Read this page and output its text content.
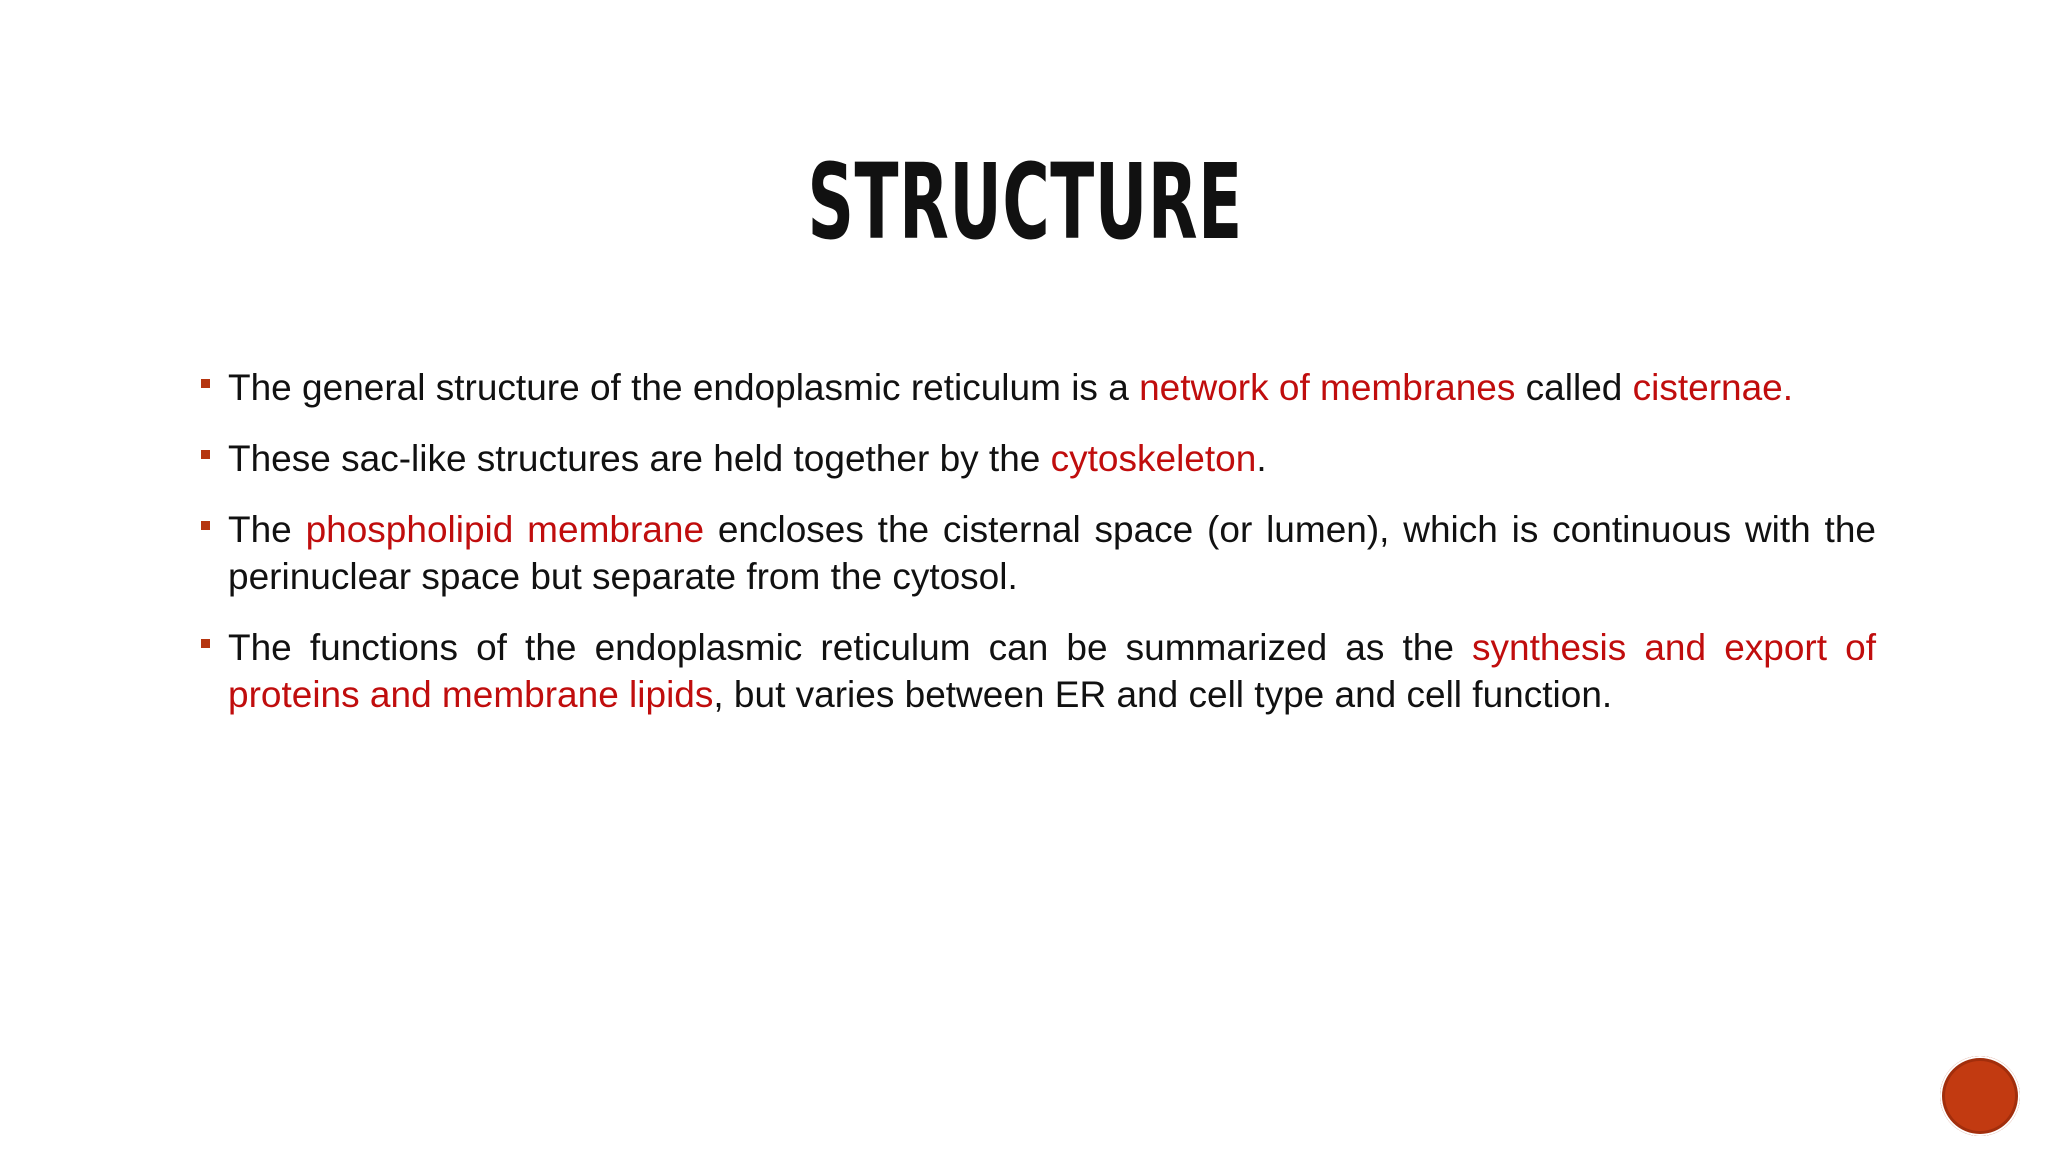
STRUCTURE
The general structure of the endoplasmic reticulum is a network of membranes called cisternae.
These sac-like structures are held together by the cytoskeleton.
The phospholipid membrane encloses the cisternal space (or lumen), which is continuous with the perinuclear space but separate from the cytosol.
The functions of the endoplasmic reticulum can be summarized as the synthesis and export of proteins and membrane lipids, but varies between ER and cell type and cell function.
